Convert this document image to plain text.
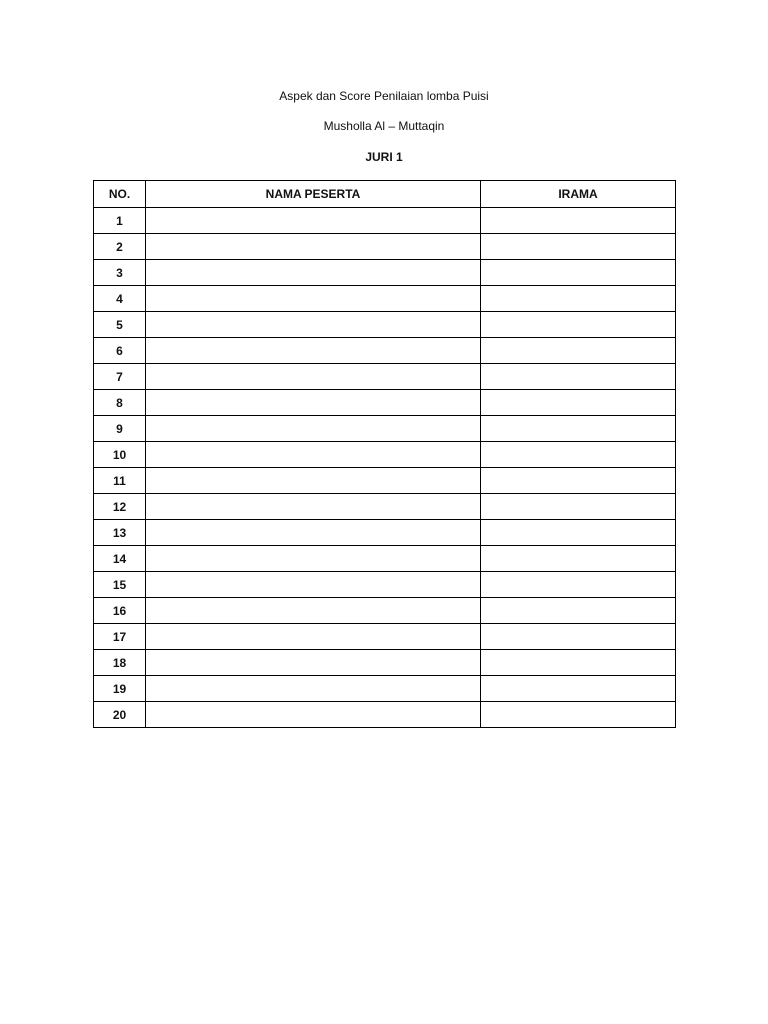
Aspek dan Score Penilaian lomba Puisi
Musholla Al – Muttaqin
JURI 1
NO.	NAMA PESERTA	IRAMA
1		
2		
3		
4		
5		
6		
7		
8		
9		
10		
11		
12		
13		
14		
15		
16		
17		
18		
19		
20		
